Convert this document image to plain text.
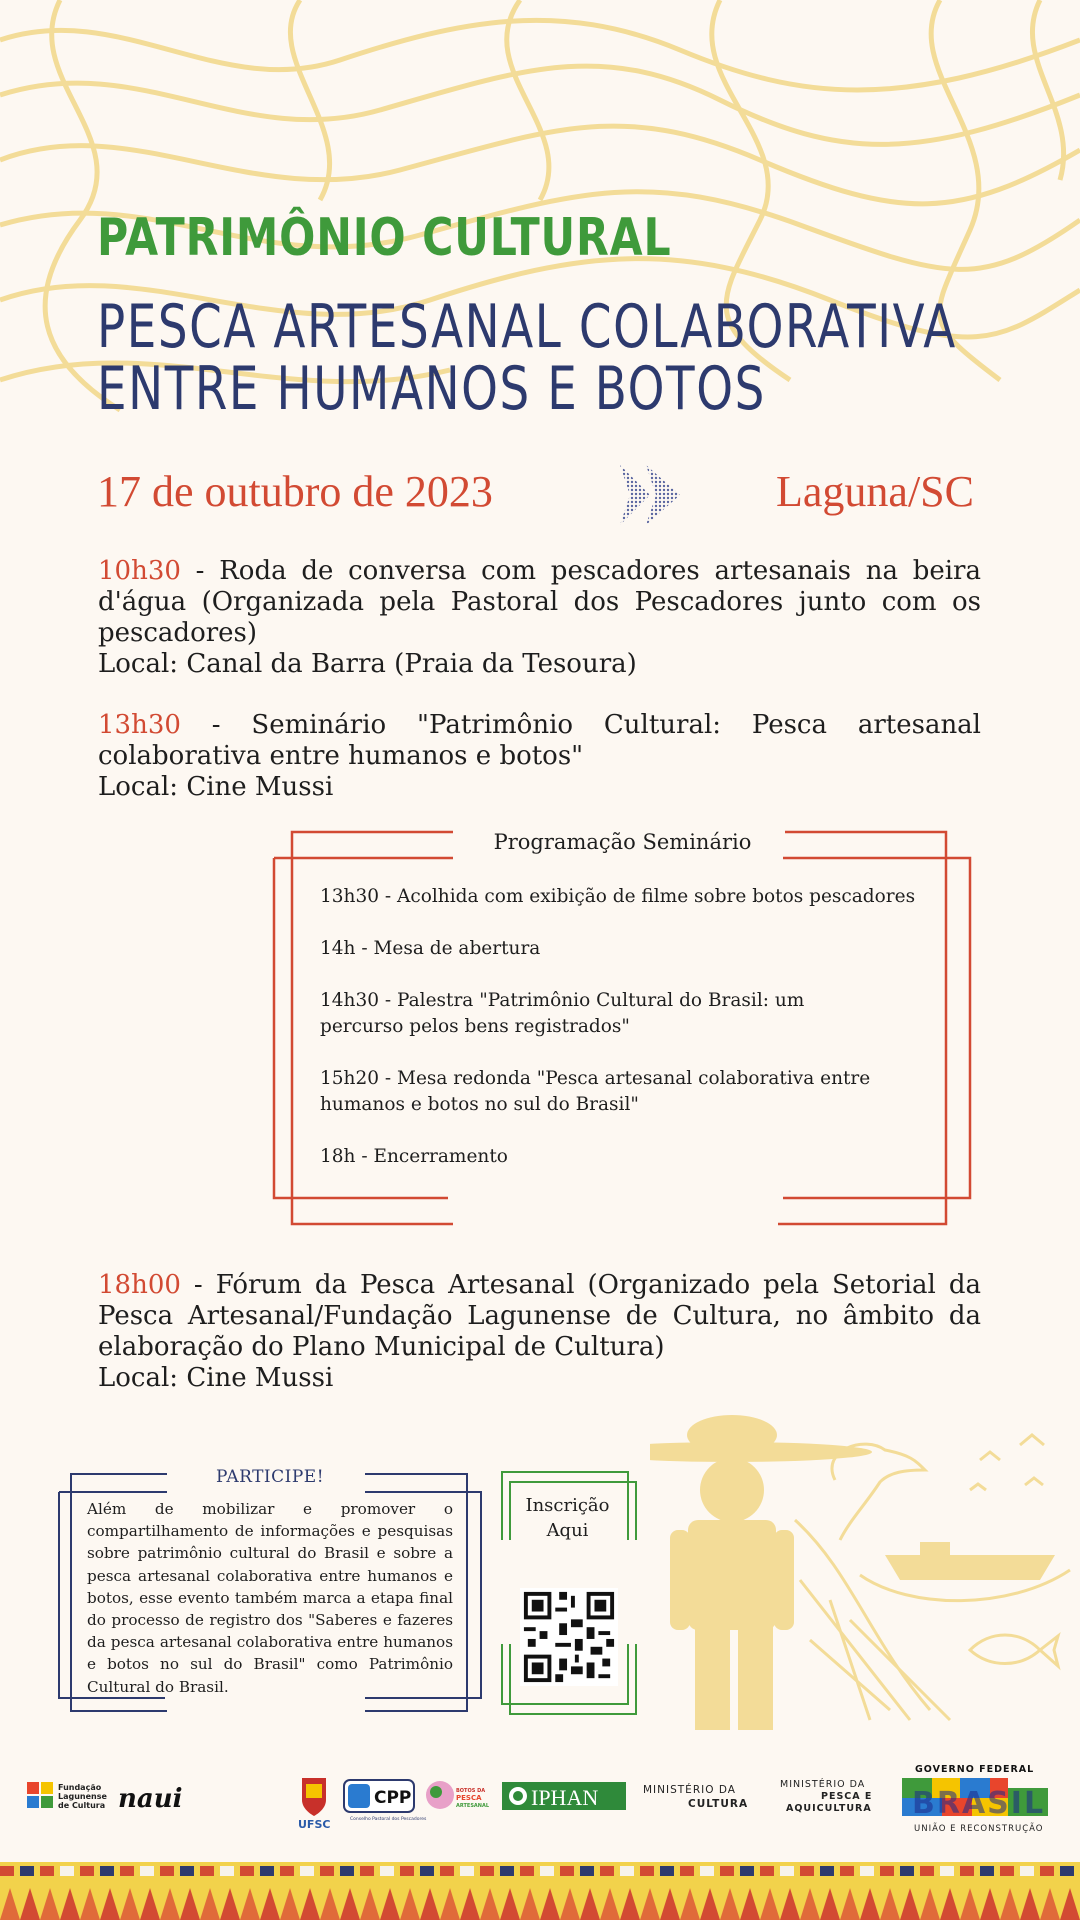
PATRIMÔNIO CULTURAL
PESCA ARTESANAL COLABORATIVA
ENTRE HUMANOS E BOTOS
17 de outubro de 2023	Laguna/SC
10h30 - Roda de conversa com pescadores artesanais na beira d'água (Organizada pela Pastoral dos Pescadores junto com os pescadores)
Local: Canal da Barra (Praia da Tesoura)
13h30 - Seminário "Patrimônio Cultural: Pesca artesanal colaborativa entre humanos e botos"
Local: Cine Mussi
Programação Seminário
13h30 - Acolhida com exibição de filme sobre botos pescadores
14h - Mesa de abertura
14h30 - Palestra "Patrimônio Cultural do Brasil: um percurso pelos bens registrados"
15h20 - Mesa redonda "Pesca artesanal colaborativa entre humanos e botos no sul do Brasil"
18h - Encerramento
18h00 - Fórum da Pesca Artesanal (Organizado pela Setorial da Pesca Artesanal/Fundação Lagunense de Cultura, no âmbito da elaboração do Plano Municipal de Cultura)
Local: Cine Mussi
PARTICIPE!
Além de mobilizar e promover o compartilhamento de informações e pesquisas sobre patrimônio cultural do Brasil e sobre a pesca artesanal colaborativa entre humanos e botos, esse evento também marca a etapa final do processo de registro dos "Saberes e fazeres da pesca artesanal colaborativa entre humanos e botos no sul do Brasil" como Patrimônio Cultural do Brasil.
Inscrição
Aqui
Fundação
Lagunense
de Cultura naui
UFSC
CPP
Conselho Pastoral dos Pescadores
BOTOS DA
PESCA
ARTESANAL IPHAN	MINISTÉRIO DA
CULTURA
MINISTÉRIO DA
PESCA E
AQUICULTURA
GOVERNO FEDERAL
BRASIL
UNIÃO E RECONSTRUÇÃO
